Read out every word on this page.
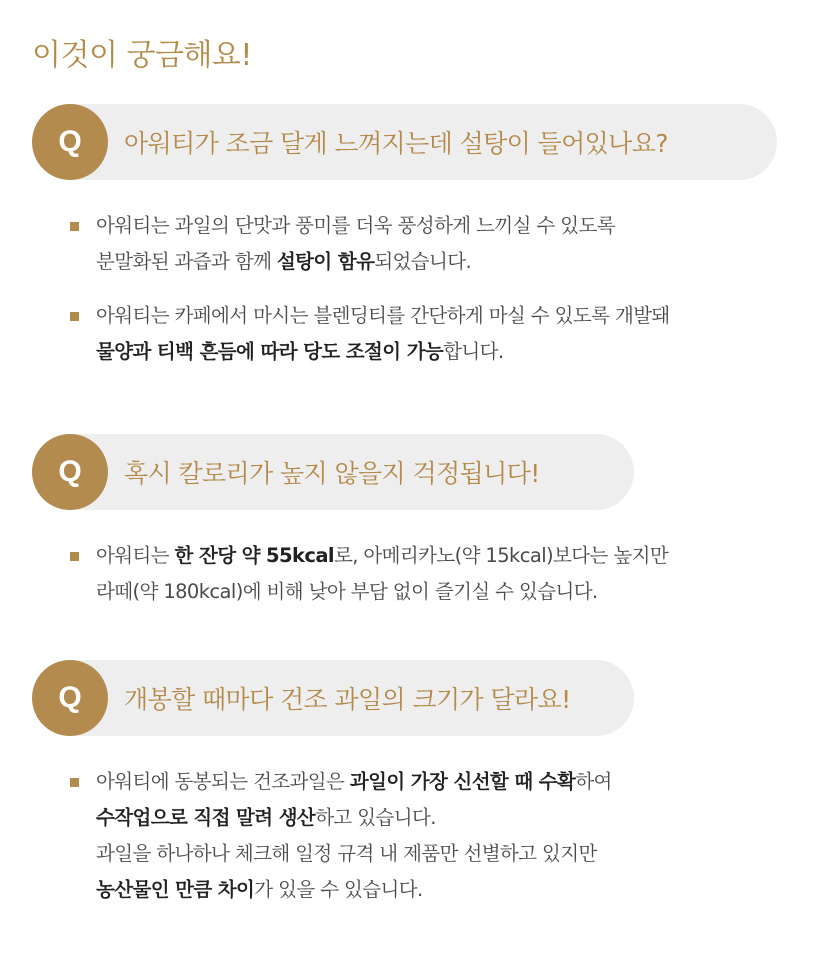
이것이 궁금해요!
Q	아워티가 조금 달게 느껴지는데 설탕이 들어있나요?
아워티는 과일의 단맛과 풍미를 더욱 풍성하게 느끼실 수 있도록
분말화된 과즙과 함께 설탕이 함유되었습니다.
아워티는 카페에서 마시는 블렌딩티를 간단하게 마실 수 있도록 개발돼
물양과 티백 흔듬에 따라 당도 조절이 가능합니다.
Q	혹시 칼로리가 높지 않을지 걱정됩니다!
아워티는 한 잔당 약 55kcal로, 아메리카노(약 15kcal)보다는 높지만
라떼(약 180kcal)에 비해 낮아 부담 없이 즐기실 수 있습니다.
Q	개봉할 때마다 건조 과일의 크기가 달라요!
아워티에 동봉되는 건조과일은 과일이 가장 신선할 때 수확하여
수작업으로 직접 말려 생산하고 있습니다.
과일을 하나하나 체크해 일정 규격 내 제품만 선별하고 있지만
농산물인 만큼 차이가 있을 수 있습니다.
